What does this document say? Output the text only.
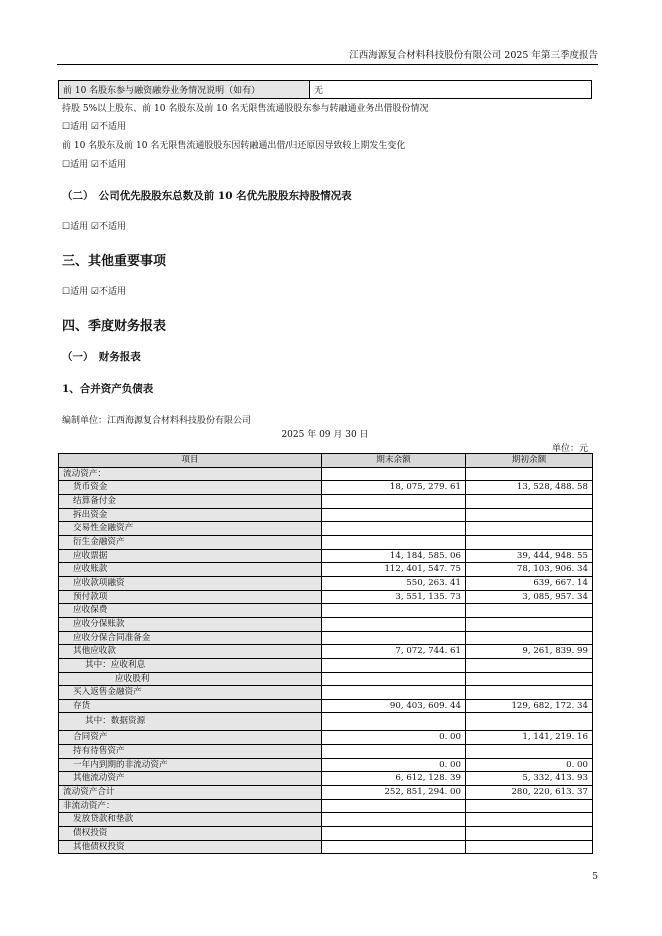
江西海源复合材料科技股份有限公司 2025 年第三季度报告
前 10 名股东参与融资融券业务情况说明（如有）	无
持股 5%以上股东、前 10 名股东及前 10 名无限售流通股股东参与转融通业务出借股份情况
☐适用 ☑不适用
前 10 名股东及前 10 名无限售流通股股东因转融通出借/归还原因导致较上期发生变化
☐适用 ☑不适用
（二）　公司优先股股东总数及前 10 名优先股股东持股情况表
☐适用 ☑不适用
三、其他重要事项
☐适用 ☑不适用
四、季度财务报表
（一）　财务报表
1、合并资产负债表
编制单位：江西海源复合材料科技股份有限公司
2025 年 09 月 30 日
单位：元
项目	期末余额	期初余额
流动资产：		
货币资金	18, 075, 279. 61	13, 528, 488. 58
结算备付金		
拆出资金		
交易性金融资产		
衍生金融资产		
应收票据	14, 184, 585. 06	39, 444, 948. 55
应收账款	112, 401, 547. 75	78, 103, 906. 34
应收款项融资	550, 263. 41	639, 667. 14
预付款项	3, 551, 135. 73	3, 085, 957. 34
应收保费		
应收分保账款		
应收分保合同准备金		
其他应收款	7, 072, 744. 61	9, 261, 839. 99
其中：应收利息		
应收股利		
买入返售金融资产		
存货	90, 403, 609. 44	129, 682, 172. 34
其中：数据资源		
合同资产	0. 00	1, 141, 219. 16
持有待售资产		
一年内到期的非流动资产	0. 00	0. 00
其他流动资产	6, 612, 128. 39	5, 332, 413. 93
流动资产合计	252, 851, 294. 00	280, 220, 613. 37
非流动资产：		
发放贷款和垫款		
债权投资		
其他债权投资		
5
